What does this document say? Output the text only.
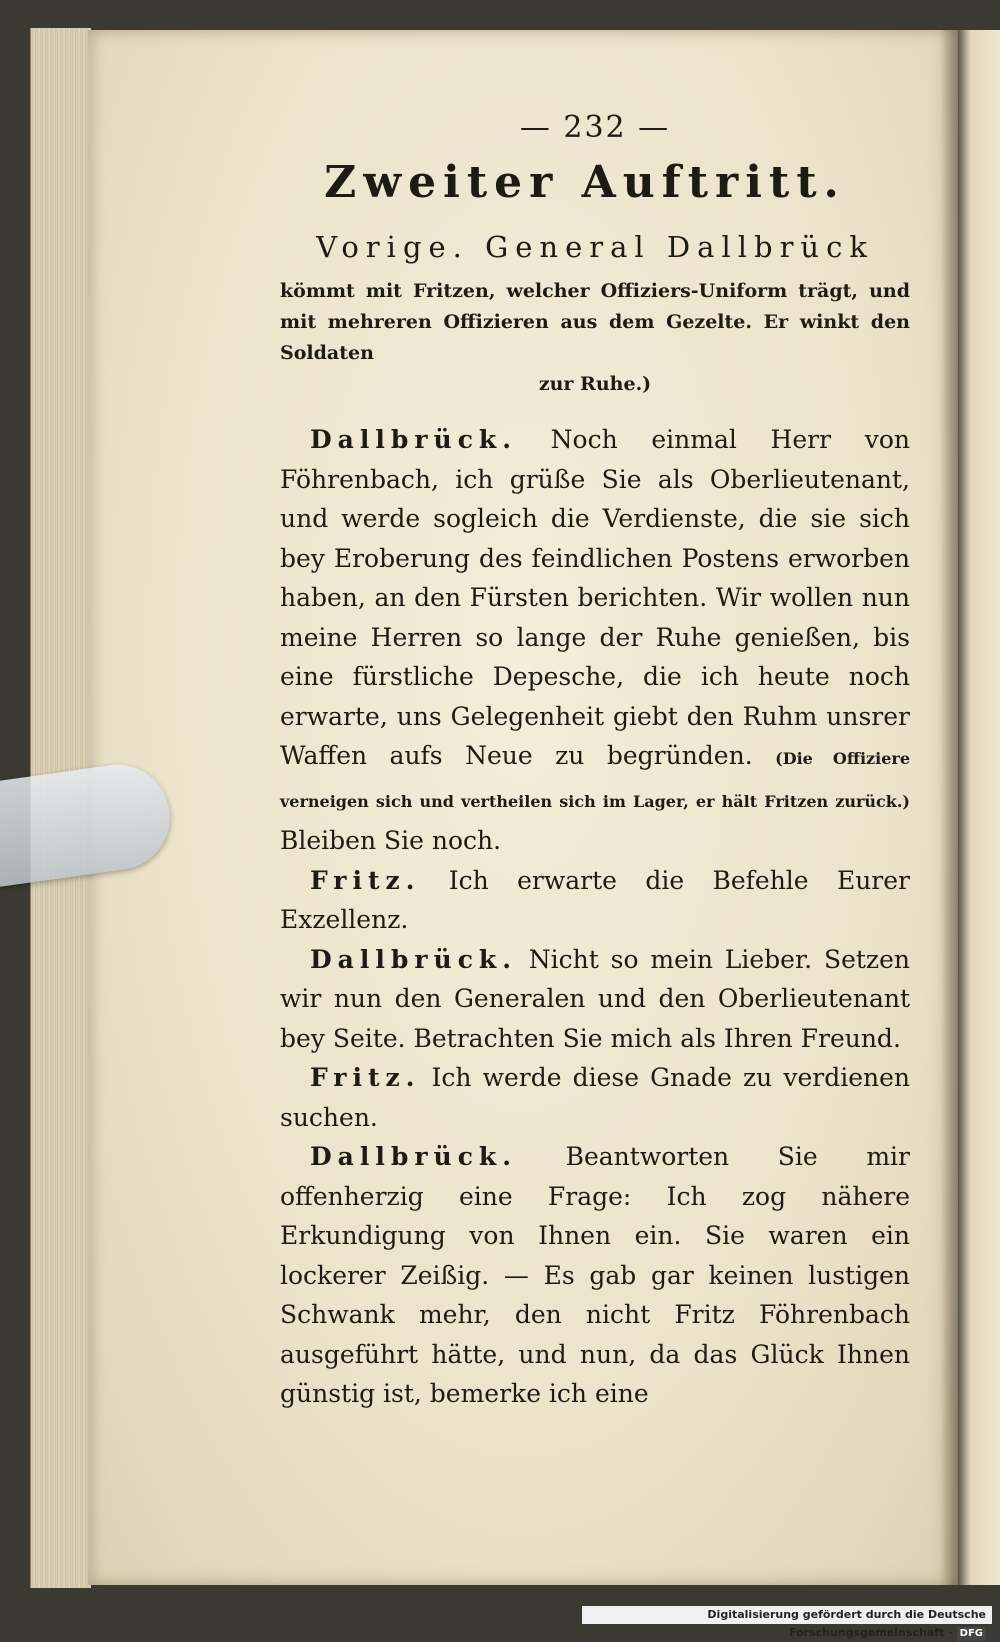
— 232 —
Zweiter Auftritt.
Vorige. General Dallbrück
kömmt mit Fritzen, welcher Offiziers-Uniform trägt, und mit mehreren Offizieren aus dem Gezelte. Er winkt den Soldaten
zur Ruhe.)

Dallbrück. Noch einmal Herr von Föhrenbach, ich grüße Sie als Oberlieutenant, und werde sogleich die Verdienste, die sie sich bey Eroberung des feindlichen Postens erworben haben, an den Fürsten berichten. Wir wollen nun meine Herren so lange der Ruhe genießen, bis eine fürstliche Depesche, die ich heute noch erwarte, uns Gelegenheit giebt den Ruhm unsrer Waffen aufs Neue zu begründen. (Die Offiziere verneigen sich und vertheilen sich im Lager, er hält Fritzen zurück.) Bleiben Sie noch.

Fritz. Ich erwarte die Befehle Eurer Exzellenz.

Dallbrück. Nicht so mein Lieber. Setzen wir nun den Generalen und den Oberlieutenant bey Seite. Betrachten Sie mich als Ihren Freund.

Fritz. Ich werde diese Gnade zu verdienen suchen.

Dallbrück. Beantworten Sie mir offenherzig eine Frage: Ich zog nähere Erkundigung von Ihnen ein. Sie waren ein lockerer Zeißig. — Es gab gar keinen lustigen Schwank mehr, den nicht Fritz Föhrenbach ausgeführt hätte, und nun, da das Glück Ihnen günstig ist, bemerke ich eine

Digitalisierung gefördert durch die Deutsche Forschungsgemeinschaft - DFG
